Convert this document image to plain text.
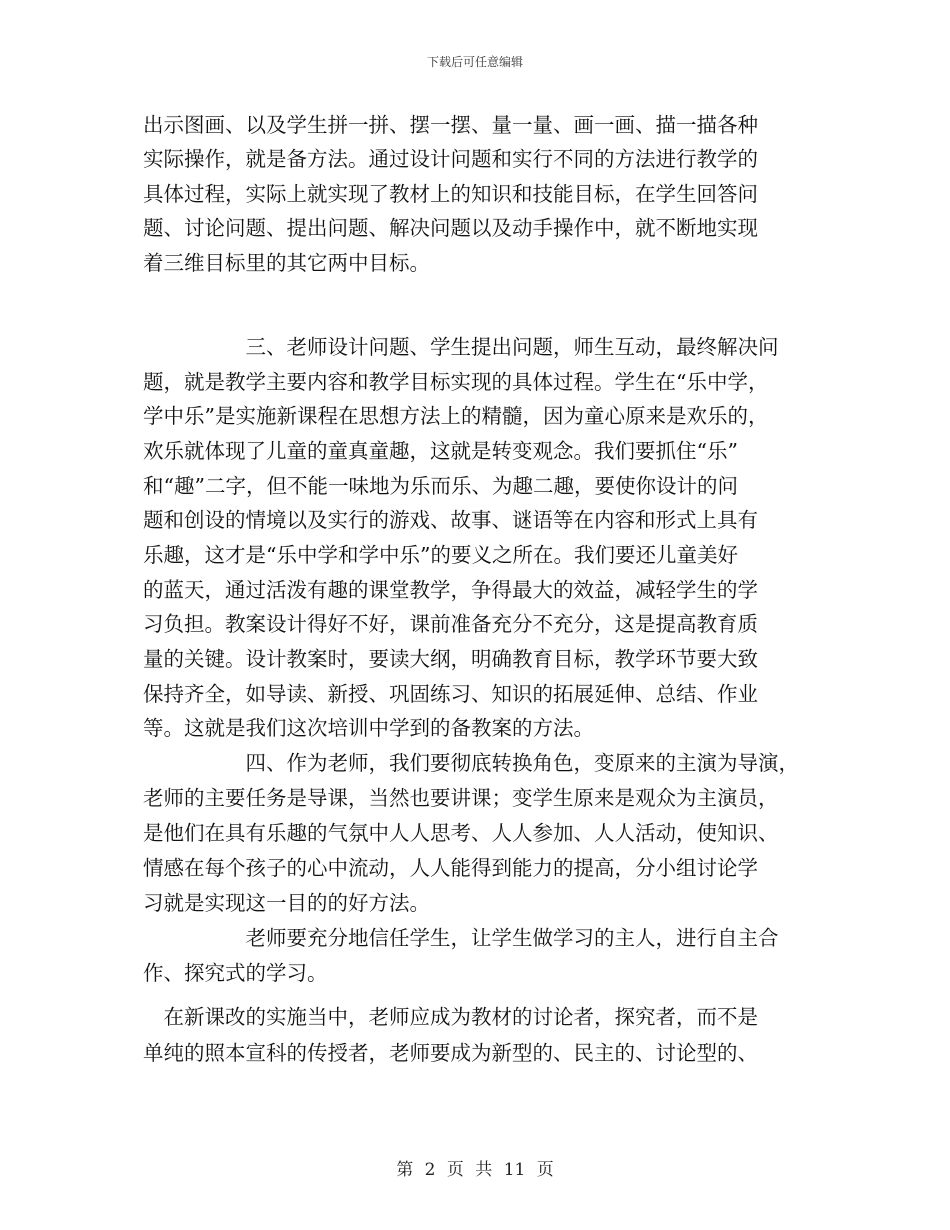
下载后可任意编辑
出示图画、以及学生拼一拼、摆一摆、量一量、画一画、描一描各种
实际操作，就是备方法。通过设计问题和实行不同的方法进行教学的
具体过程，实际上就实现了教材上的知识和技能目标，在学生回答问
题、讨论问题、提出问题、解决问题以及动手操作中，就不断地实现
着三维目标里的其它两中目标。
　　　　　三、老师设计问题、学生提出问题，师生互动，最终解决问
题，就是教学主要内容和教学目标实现的具体过程。学生在“乐中学，
学中乐”是实施新课程在思想方法上的精髓，因为童心原来是欢乐的，
欢乐就体现了儿童的童真童趣，这就是转变观念。我们要抓住“乐”
和“趣”二字，但不能一味地为乐而乐、为趣二趣，要使你设计的问
题和创设的情境以及实行的游戏、故事、谜语等在内容和形式上具有
乐趣，这才是“乐中学和学中乐”的要义之所在。我们要还儿童美好
的蓝天，通过活泼有趣的课堂教学，争得最大的效益，减轻学生的学
习负担。教案设计得好不好，课前准备充分不充分，这是提高教育质
量的关键。设计教案时，要读大纲，明确教育目标，教学环节要大致
保持齐全，如导读、新授、巩固练习、知识的拓展延伸、总结、作业
等。这就是我们这次培训中学到的备教案的方法。
　　　　　四、作为老师，我们要彻底转换角色，变原来的主演为导演，
老师的主要任务是导课，当然也要讲课；变学生原来是观众为主演员，
是他们在具有乐趣的气氛中人人思考、人人参加、人人活动，使知识、
情感在每个孩子的心中流动，人人能得到能力的提高，分小组讨论学
习就是实现这一目的的好方法。
　　　　　老师要充分地信任学生，让学生做学习的主人，进行自主合
作、探究式的学习。
　在新课改的实施当中，老师应成为教材的讨论者，探究者，而不是
单纯的照本宣科的传授者，老师要成为新型的、民主的、讨论型的、
第 2 页 共 11 页
